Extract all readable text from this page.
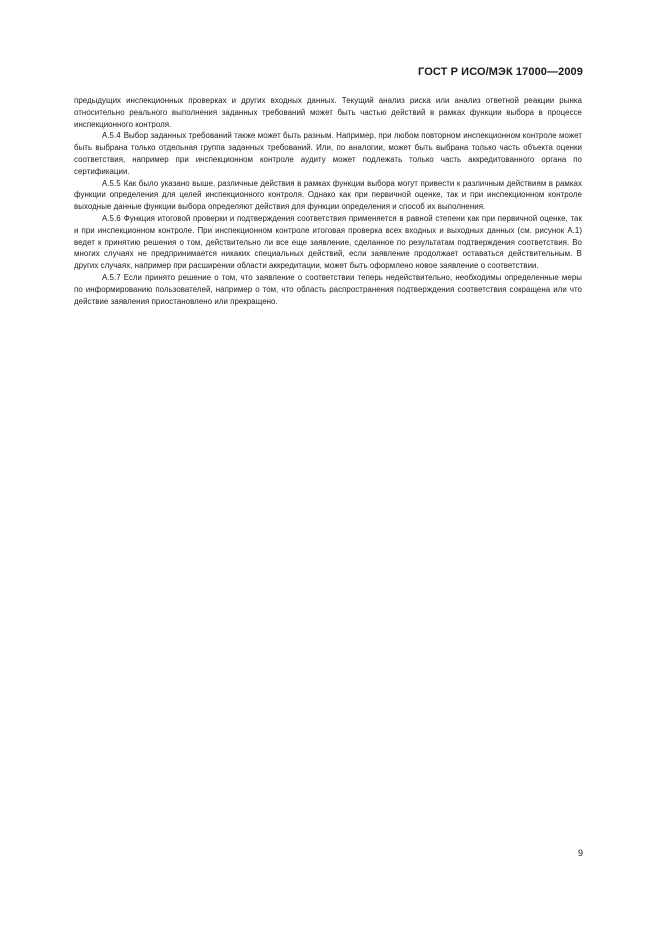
ГОСТ Р ИСО/МЭК 17000—2009

предыдущих инспекционных проверках и других входных данных. Текущий анализ риска или анализ ответной реакции рынка относительно реального выполнения заданных требований может быть частью действий в рамках функции выбора в процессе инспекционного контроля.

А.5.4 Выбор заданных требований также может быть разным. Например, при любом повторном инспекционном контроле может быть выбрана только отдельная группа заданных требований. Или, по аналогии, может быть выбрана только часть объекта оценки соответствия, например при инспекционном контроле аудиту может подлежать только часть аккредитованного органа по сертификации.

А.5.5 Как было указано выше, различные действия в рамках функции выбора могут привести к различным действиям в рамках функции определения для целей инспекционного контроля. Однако как при первичной оценке, так и при инспекционном контроле выходные данные функции выбора определяют действия для функции определения и способ их выполнения.

А.5.6 Функция итоговой проверки и подтверждения соответствия применяется в равной степени как при первичной оценке, так и при инспекционном контроле. При инспекционном контроле итоговая проверка всех входных и выходных данных (см. рисунок А.1) ведет к принятию решения о том, действительно ли все еще заявление, сделанное по результатам подтверждения соответствия. Во многих случаях не предпринимается никаких специальных действий, если заявление продолжает оставаться действительным. В других случаях, например при расширении области аккредитации, может быть оформлено новое заявление о соответствии.

А.5.7 Если принято решение о том, что заявление о соответствии теперь недействительно, необходимы определенные меры по информированию пользователей, например о том, что область распространения подтверждения соответствия сокращена или что действие заявления приостановлено или прекращено.

9
